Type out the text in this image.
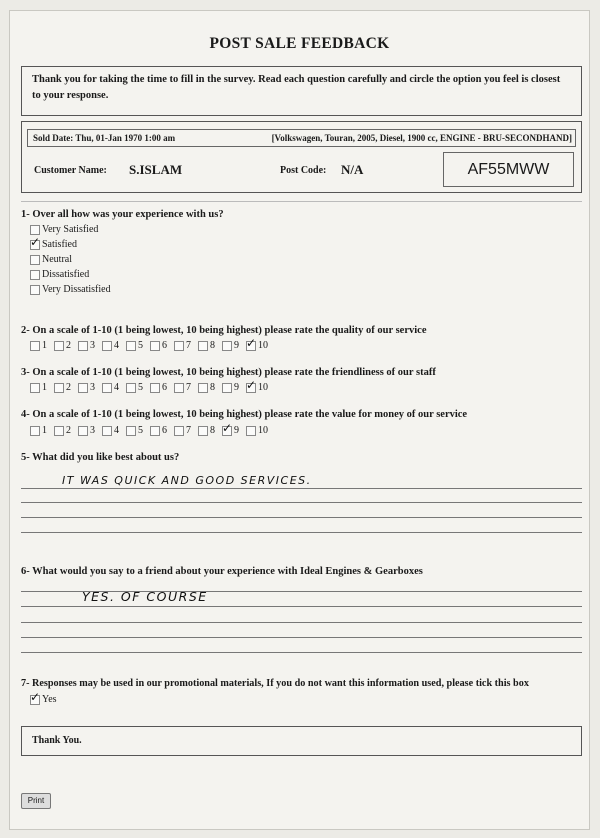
POST SALE FEEDBACK
Thank you for taking the time to fill in the survey. Read each question carefully and circle the option you feel is closest to your response.
Sold Date: Thu, 01-Jan 1970 1:00 am	[Volkswagen, Touran, 2005, Diesel, 1900 cc, ENGINE - BRU-SECONDHAND]
Customer Name: S.ISLAM	Post Code: N/A	AF55MWW
1- Over all how was your experience with us?
Very Satisfied
✓ Satisfied
Neutral
Dissatisfied
Very Dissatisfied
2- On a scale of 1-10 (1 being lowest, 10 being highest) please rate the quality of our service
1 2 3 4 5 6 7 8 9 ✓ 10
3- On a scale of 1-10 (1 being lowest, 10 being highest) please rate the friendliness of our staff
1 2 3 4 5 6 7 8 9 ✓ 10
4- On a scale of 1-10 (1 being lowest, 10 being highest) please rate the value for money of our service
1 2 3 4 5 6 7 8 ✓ 9 10
5- What did you like best about us?
IT WAS QUICK AND GOOD SERVICES.
6- What would you say to a friend about your experience with Ideal Engines & Gearboxes
YES. OF COURSE
7- Responses may be used in our promotional materials, If you do not want this information used, please tick this box
✓ Yes
Thank You.
Print
